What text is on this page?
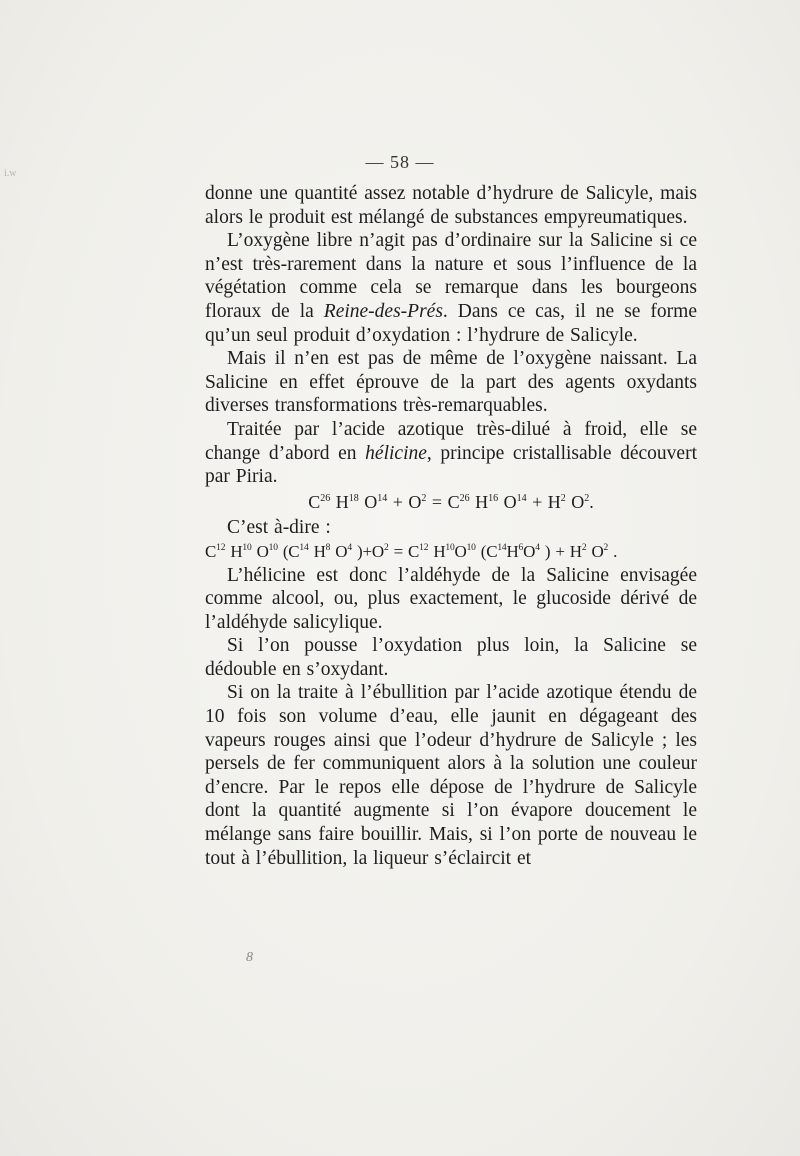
i.w
— 58 —

donne une quantité assez notable d’hydrure de Salicyle, mais alors le produit est mélangé de substances empyreumatiques.

L’oxygène libre n’agit pas d’ordinaire sur la Salicine si ce n’est très-rarement dans la nature et sous l’influence de la végétation comme cela se remarque dans les bourgeons floraux de la Reine-des-Prés. Dans ce cas, il ne se forme qu’un seul produit d’oxydation : l’hydrure de Salicyle.

Mais il n’en est pas de même de l’oxygène naissant. La Salicine en effet éprouve de la part des agents oxydants diverses transformations très-remarquables.

Traitée par l’acide azotique très-dilué à froid, elle se change d’abord en hélicine, principe cristallisable découvert par Piria.

$C^{26}$ $H^{18}$ $O^{14} + O^2 = C^{26}$ $H^{16}$ $O^{14} + H^2$ $O^2$.

C’est à-dire :

$C^{12}$ $H^{10}$ $O^{10}$ ($C^{14}$ $H^8$ $O^4$ )$+O^2 = C^{12}$ $H^{10}O^{10}$ ($C^{14}H^6O^4$ ) + $H^2$ $O^2$ .

L’hélicine est donc l’aldéhyde de la Salicine envisagée comme alcool, ou, plus exactement, le glucoside dérivé de l’aldéhyde salicylique.

Si l’on pousse l’oxydation plus loin, la Salicine se dédouble en s’oxydant.

Si on la traite à l’ébullition par l’acide azotique étendu de 10 fois son volume d’eau, elle jaunit en dégageant des vapeurs rouges ainsi que l’odeur d’hydrure de Salicyle ; les persels de fer communiquent alors à la solution une couleur d’encre. Par le repos elle dépose de l’hydrure de Salicyle dont la quantité augmente si l’on évapore doucement le mélange sans faire bouillir. Mais, si l’on porte de nouveau le tout à l’ébullition, la liqueur s’éclaircit et

8
